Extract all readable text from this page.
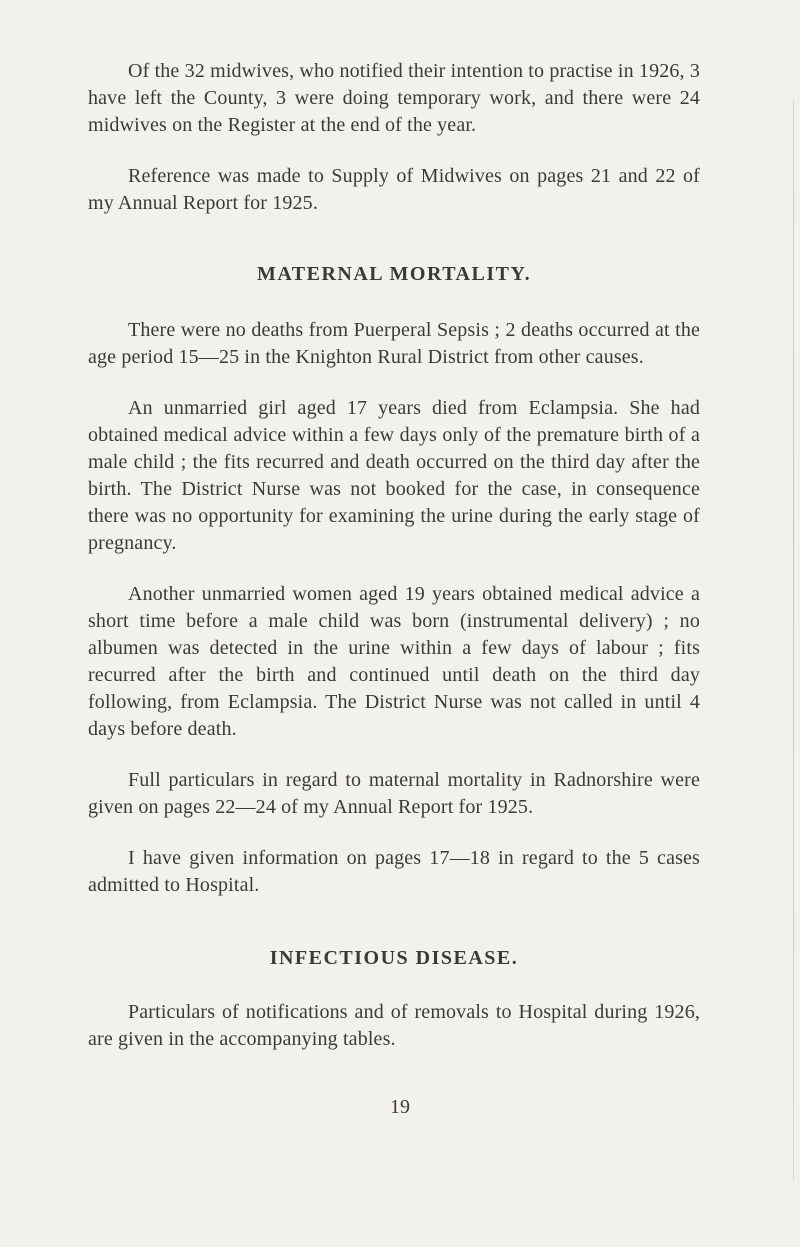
Of the 32 midwives, who notified their intention to practise in 1926, 3 have left the County, 3 were doing temporary work, and there were 24 midwives on the Register at the end of the year.

Reference was made to Supply of Midwives on pages 21 and 22 of my Annual Report for 1925.

MATERNAL MORTALITY.

There were no deaths from Puerperal Sepsis ; 2 deaths occurred at the age period 15—25 in the Knighton Rural District from other causes.

An unmarried girl aged 17 years died from Eclampsia. She had obtained medical advice within a few days only of the premature birth of a male child ; the fits recurred and death occurred on the third day after the birth. The District Nurse was not booked for the case, in consequence there was no opportunity for examining the urine during the early stage of pregnancy.

Another unmarried women aged 19 years obtained medical advice a short time before a male child was born (instrumental delivery) ; no albumen was detected in the urine within a few days of labour ; fits recurred after the birth and continued until death on the third day following, from Eclampsia. The District Nurse was not called in until 4 days before death.

Full particulars in regard to maternal mortality in Radnorshire were given on pages 22—24 of my Annual Report for 1925.

I have given information on pages 17—18 in regard to the 5 cases admitted to Hospital.

INFECTIOUS DISEASE.

Particulars of notifications and of removals to Hospital during 1926, are given in the accompanying tables.

19
